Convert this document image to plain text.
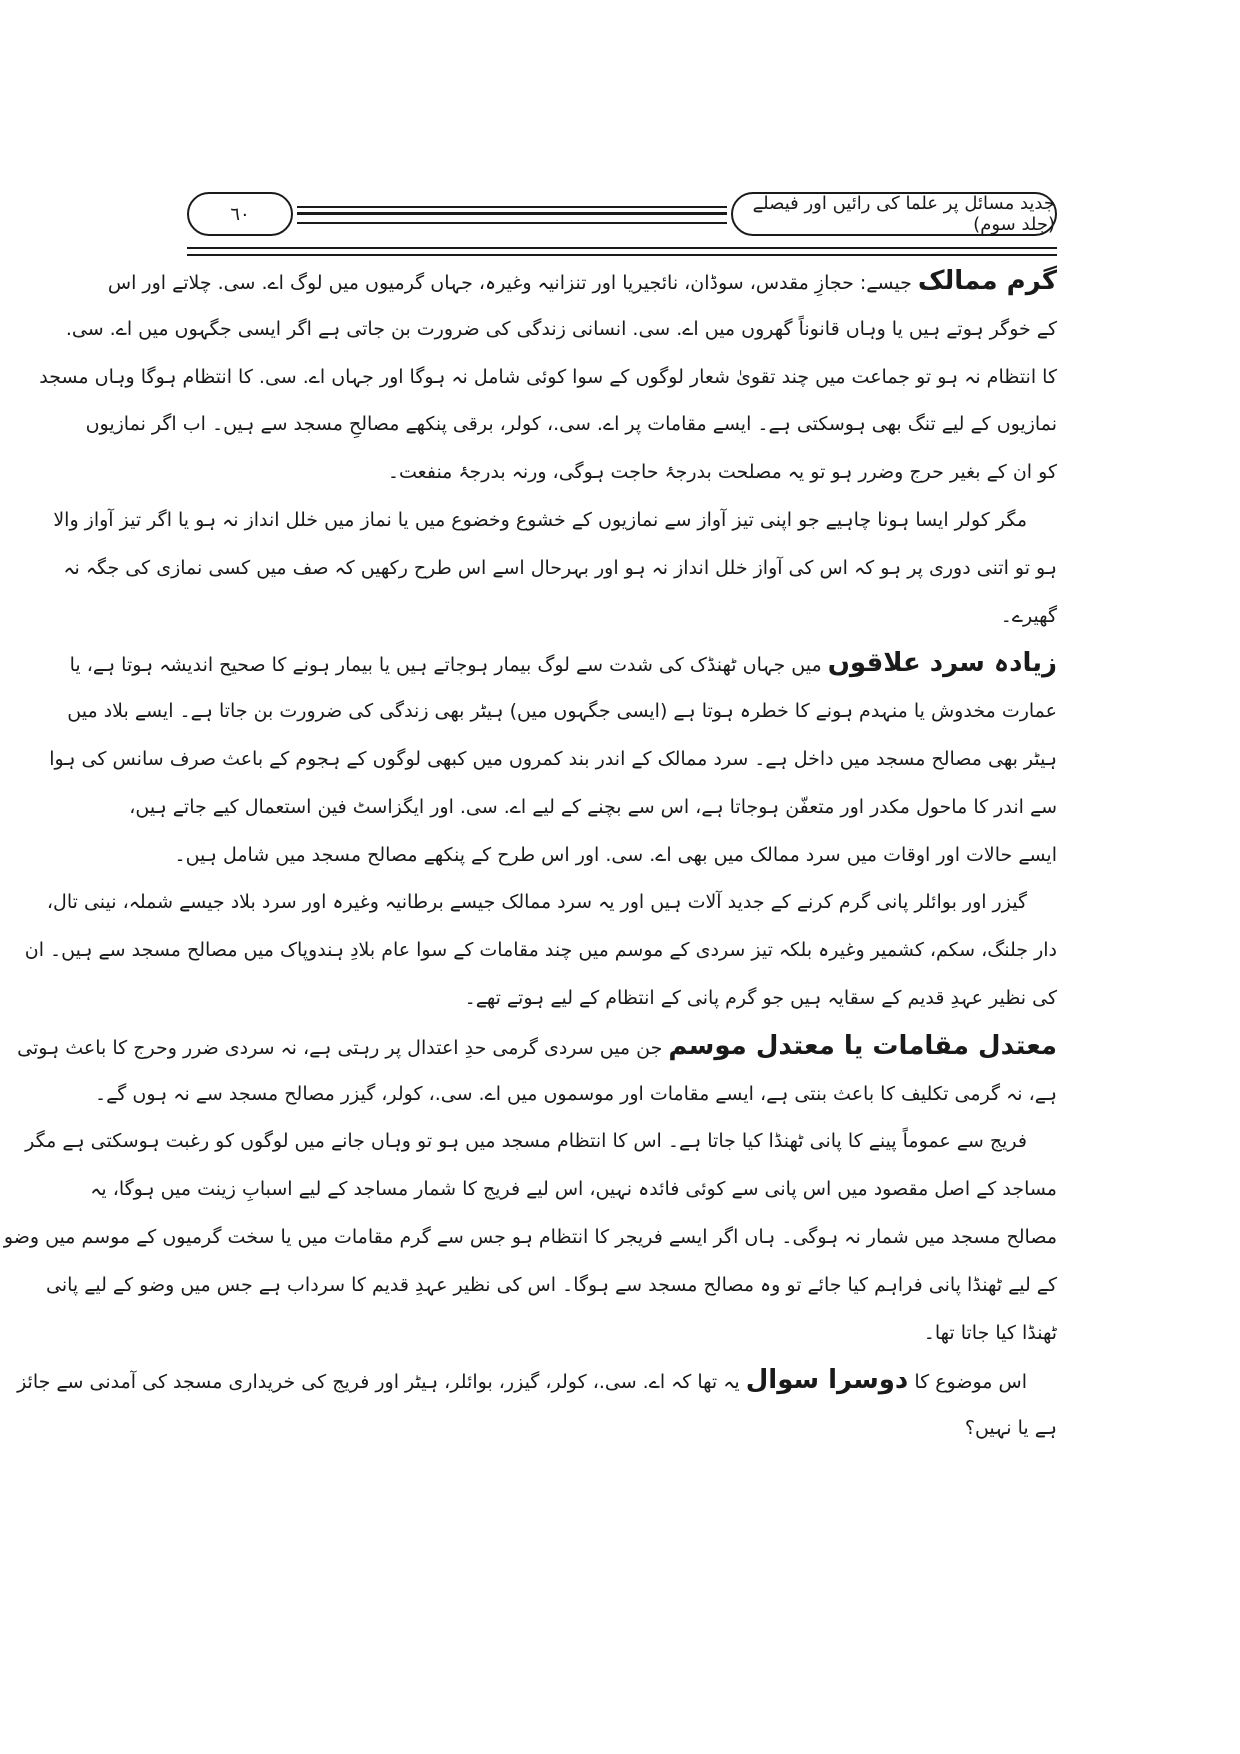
جدید مسائل پر علما کی رائیں اور فیصلے (جلد سوم)
٦٠
گرم ممالک جیسے: حجازِ مقدس، سوڈان، نائجیریا اور تنزانیہ وغیرہ، جہاں گرمیوں میں لوگ اے. سی. چلاتے اور اس
کے خوگر ہوتے ہیں یا وہاں قانوناً گھروں میں اے. سی. انسانی زندگی کی ضرورت بن جاتی ہے اگر ایسی جگہوں میں اے. سی.
کا انتظام نہ ہو تو جماعت میں چند تقویٰ شعار لوگوں کے سوا کوئی شامل نہ ہوگا اور جہاں اے. سی. کا انتظام ہوگا وہاں مسجد
نمازیوں کے لیے تنگ بھی ہوسکتی ہے۔ ایسے مقامات پر اے. سی.، کولر، برقی پنکھے مصالحِ مسجد سے ہیں۔ اب اگر نمازیوں
کو ان کے بغیر حرج وضرر ہو تو یہ مصلحت بدرجۂ حاجت ہوگی، ورنہ بدرجۂ منفعت۔
مگر کولر ایسا ہونا چاہیے جو اپنی تیز آواز سے نمازیوں کے خشوع وخضوع میں یا نماز میں خلل انداز نہ ہو یا اگر تیز آواز والا
ہو تو اتنی دوری پر ہو کہ اس کی آواز خلل انداز نہ ہو اور بہرحال اسے اس طرح رکھیں کہ صف میں کسی نمازی کی جگہ نہ
گھیرے۔
زیادہ سرد علاقوں میں جہاں ٹھنڈک کی شدت سے لوگ بیمار ہوجاتے ہیں یا بیمار ہونے کا صحیح اندیشہ ہوتا ہے، یا
عمارت مخدوش یا منہدم ہونے کا خطرہ ہوتا ہے (ایسی جگہوں میں) ہیٹر بھی زندگی کی ضرورت بن جاتا ہے۔ ایسے بلاد میں
ہیٹر بھی مصالح مسجد میں داخل ہے۔ سرد ممالک کے اندر بند کمروں میں کبھی لوگوں کے ہجوم کے باعث صرف سانس کی ہوا
سے اندر کا ماحول مکدر اور متعفّن ہوجاتا ہے، اس سے بچنے کے لیے اے. سی. اور ایگزاسٹ فین استعمال کیے جاتے ہیں،
ایسے حالات اور اوقات میں سرد ممالک میں بھی اے. سی. اور اس طرح کے پنکھے مصالح مسجد میں شامل ہیں۔
گیزر اور بوائلر پانی گرم کرنے کے جدید آلات ہیں اور یہ سرد ممالک جیسے برطانیہ وغیرہ اور سرد بلاد جیسے شملہ، نینی تال،
دار جلنگ، سکم، کشمیر وغیرہ بلکہ تیز سردی کے موسم میں چند مقامات کے سوا عام بلادِ ہندوپاک میں مصالح مسجد سے ہیں۔ ان
کی نظیر عہدِ قدیم کے سقایہ ہیں جو گرم پانی کے انتظام کے لیے ہوتے تھے۔
معتدل مقامات یا معتدل موسم جن میں سردی گرمی حدِ اعتدال پر رہتی ہے، نہ سردی ضرر وحرج کا باعث ہوتی
ہے، نہ گرمی تکلیف کا باعث بنتی ہے، ایسے مقامات اور موسموں میں اے. سی.، کولر، گیزر مصالح مسجد سے نہ ہوں گے۔
فریج سے عموماً پینے کا پانی ٹھنڈا کیا جاتا ہے۔ اس کا انتظام مسجد میں ہو تو وہاں جانے میں لوگوں کو رغبت ہوسکتی ہے مگر
مساجد کے اصل مقصود میں اس پانی سے کوئی فائدہ نہیں، اس لیے فریج کا شمار مساجد کے لیے اسبابِ زینت میں ہوگا، یہ
مصالح مسجد میں شمار نہ ہوگی۔ ہاں اگر ایسے فریجر کا انتظام ہو جس سے گرم مقامات میں یا سخت گرمیوں کے موسم میں وضو
کے لیے ٹھنڈا پانی فراہم کیا جائے تو وہ مصالح مسجد سے ہوگا۔ اس کی نظیر عہدِ قدیم کا سرداب ہے جس میں وضو کے لیے پانی
ٹھنڈا کیا جاتا تھا۔
اس موضوع کا دوسرا سوال یہ تھا کہ اے. سی.، کولر، گیزر، بوائلر، ہیٹر اور فریج کی خریداری مسجد کی آمدنی سے جائز
ہے یا نہیں؟
